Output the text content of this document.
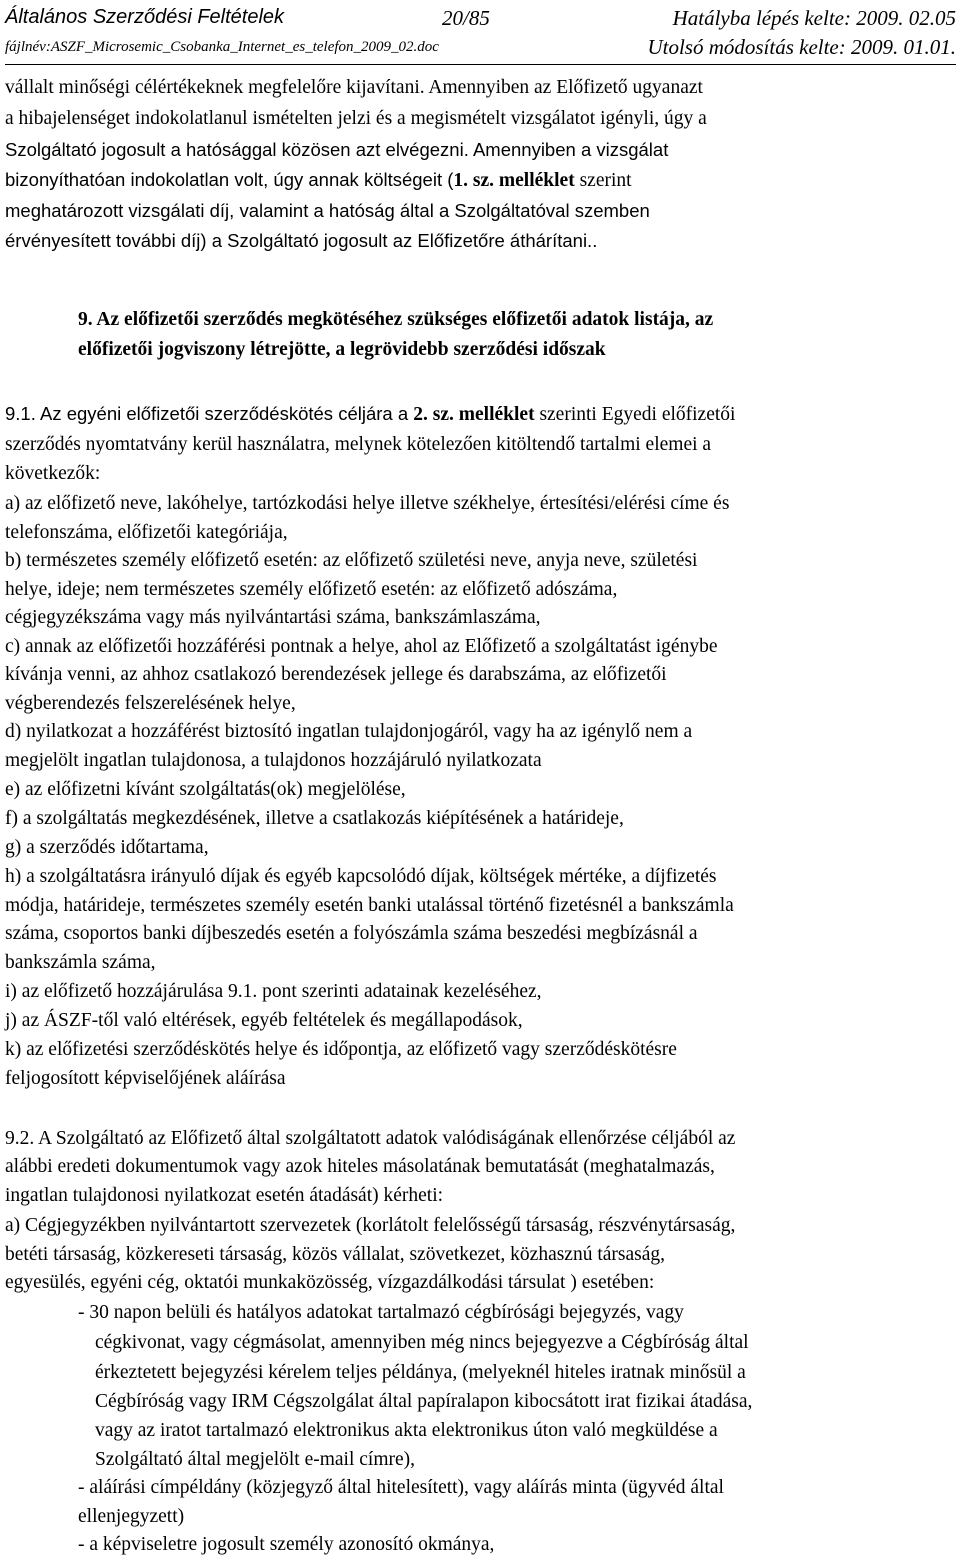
Általános Szerződési Feltételek	20/85	Hatályba lépés kelte: 2009. 02.05
fájlnév:ASZF_Microsemic_Csobanka_Internet_es_telefon_2009_02.doc	Utolsó módosítás kelte: 2009. 01.01.
vállalt minőségi célértékeknek megfelelőre kijavítani. Amennyiben az Előfizető ugyanazt
a hibajelenséget indokolatlanul ismételten jelzi és a megismételt vizsgálatot igényli, úgy a
Szolgáltató jogosult a hatósággal közösen azt elvégezni. Amennyiben a vizsgálat
bizonyíthatóan indokolatlan volt, úgy annak költségeit (1. sz. melléklet szerint
meghatározott vizsgálati díj, valamint a hatóság által a Szolgáltatóval szemben
érvényesített további díj) a Szolgáltató jogosult az Előfizetőre áthárítani..
9. Az előfizetői szerződés megkötéséhez szükséges előfizetői adatok listája, az
előfizetői jogviszony létrejötte, a legrövidebb szerződési időszak
9.1. Az egyéni előfizetői szerződéskötés céljára a 2. sz. melléklet szerinti Egyedi előfizetői
szerződés nyomtatvány kerül használatra, melynek kötelezően kitöltendő tartalmi elemei a
következők:
a) az előfizető neve, lakóhelye, tartózkodási helye illetve székhelye, értesítési/elérési címe és
telefonszáma, előfizetői kategóriája,
b) természetes személy előfizető esetén: az előfizető születési neve, anyja neve, születési
helye, ideje; nem természetes személy előfizető esetén: az előfizető adószáma,
cégjegyzékszáma vagy más nyilvántartási száma, bankszámlaszáma,
c) annak az előfizetői hozzáférési pontnak a helye, ahol az Előfizető a szolgáltatást igénybe
kívánja venni, az ahhoz csatlakozó berendezések jellege és darabszáma, az előfizetői
végberendezés felszerelésének helye,
d) nyilatkozat a hozzáférést biztosító ingatlan tulajdonjogáról, vagy ha az igénylő nem a
megjelölt ingatlan tulajdonosa, a tulajdonos hozzájáruló nyilatkozata
e) az előfizetni kívánt szolgáltatás(ok) megjelölése,
f) a szolgáltatás megkezdésének, illetve a csatlakozás kiépítésének a határideje,
g) a szerződés időtartama,
h) a szolgáltatásra irányuló díjak és egyéb kapcsolódó díjak, költségek mértéke, a díjfizetés
módja, határideje, természetes személy esetén banki utalással történő fizetésnél a bankszámla
száma, csoportos banki díjbeszedés esetén a folyószámla száma beszedési megbízásnál a
bankszámla száma,
i) az előfizető hozzájárulása 9.1. pont szerinti adatainak kezeléséhez,
j) az ÁSZF-től való eltérések, egyéb feltételek és megállapodások,
k) az előfizetési szerződéskötés helye és időpontja, az előfizető vagy szerződéskötésre
feljogosított képviselőjének aláírása
9.2. A Szolgáltató az Előfizető által szolgáltatott adatok valódiságának ellenőrzése céljából az
alábbi eredeti dokumentumok vagy azok hiteles másolatának bemutatását (meghatalmazás,
ingatlan tulajdonosi nyilatkozat esetén átadását) kérheti:
a) Cégjegyzékben nyilvántartott szervezetek (korlátolt felelősségű társaság, részvénytársaság,
betéti társaság, közkereseti társaság, közös vállalat, szövetkezet, közhasznú társaság,
egyesülés, egyéni cég, oktatói munkaközösség, vízgazdálkodási társulat ) esetében:
- 30 napon belüli és hatályos adatokat tartalmazó cégbírósági bejegyzés, vagy
cégkivonat, vagy cégmásolat, amennyiben még nincs bejegyezve a Cégbíróság által
érkeztetett bejegyzési kérelem teljes példánya, (melyeknél hiteles iratnak minősül a
Cégbíróság vagy IRM Cégszolgálat által papíralapon kibocsátott irat fizikai átadása,
vagy az iratot tartalmazó elektronikus akta elektronikus úton való megküldése a
Szolgáltató által megjelölt e-mail címre),
- aláírási címpéldány (közjegyző által hitelesített), vagy aláírás minta (ügyvéd által
ellenjegyzett)
- a képviseletre jogosult személy azonosító okmánya,
